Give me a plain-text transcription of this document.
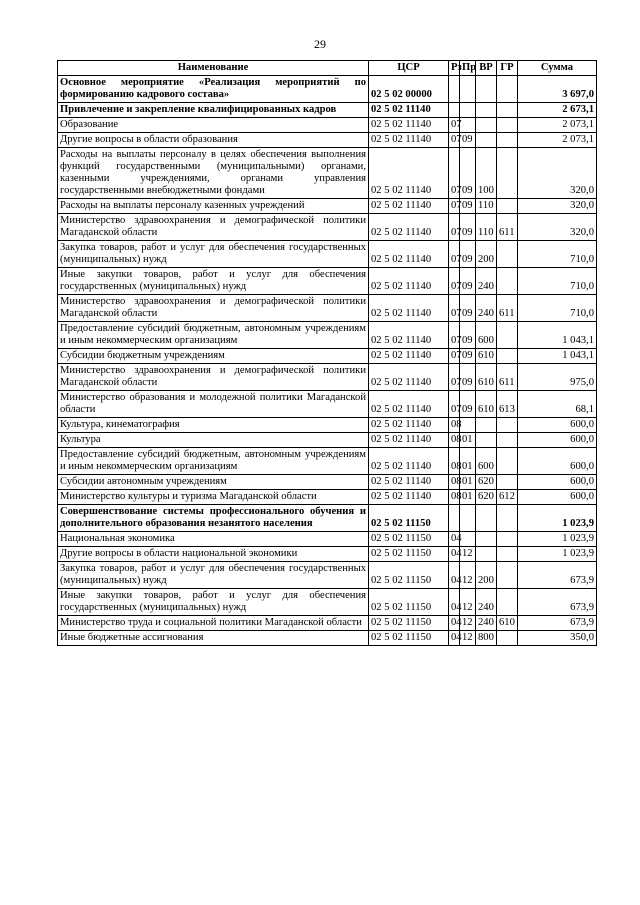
29
Наименование	ЦСР	Рз	Пр	ВР	ГР	Сумма
Основное мероприятие «Реализация мероприятий по формированию кадрового состава»	02 5 02 00000					3 697,0
Привлечение и закрепление квалифицированных кадров	02 5 02 11140					2 673,1
Образование	02 5 02 11140	07				2 073,1
Другие вопросы в области образования	02 5 02 11140	07	09			2 073,1
Расходы на выплаты персоналу в целях обеспечения выполнения функций государственными (муниципальными) органами, казенными учреждениями, органами управления государственными внебюджетными фондами	02 5 02 11140	07	09	100		320,0
Расходы на выплаты персоналу казенных учреждений	02 5 02 11140	07	09	110		320,0
Министерство здравоохранения и демографической политики Магаданской области	02 5 02 11140	07	09	110	611	320,0
Закупка товаров, работ и услуг для обеспечения государственных (муниципальных) нужд	02 5 02 11140	07	09	200		710,0
Иные закупки товаров, работ и услуг для обеспечения государственных (муниципальных) нужд	02 5 02 11140	07	09	240		710,0
Министерство здравоохранения и демографической политики Магаданской области	02 5 02 11140	07	09	240	611	710,0
Предоставление субсидий бюджетным, автономным учреждениям и иным некоммерческим организациям	02 5 02 11140	07	09	600		1 043,1
Субсидии бюджетным учреждениям	02 5 02 11140	07	09	610		1 043,1
Министерство здравоохранения и демографической политики Магаданской области	02 5 02 11140	07	09	610	611	975,0
Министерство образования и молодежной политики Магаданской области	02 5 02 11140	07	09	610	613	68,1
Культура, кинематография	02 5 02 11140	08				600,0
Культура	02 5 02 11140	08	01			600,0
Предоставление субсидий бюджетным, автономным учреждениям и иным некоммерческим организациям	02 5 02 11140	08	01	600		600,0
Субсидии автономным учреждениям	02 5 02 11140	08	01	620		600,0
Министерство культуры и туризма Магаданской области	02 5 02 11140	08	01	620	612	600,0
Совершенствование системы профессионального обучения и дополнительного образования незанятого населения	02 5 02 11150					1 023,9
Национальная экономика	02 5 02 11150	04				1 023,9
Другие вопросы в области национальной экономики	02 5 02 11150	04	12			1 023,9
Закупка товаров, работ и услуг для обеспечения государственных (муниципальных) нужд	02 5 02 11150	04	12	200		673,9
Иные закупки товаров, работ и услуг для обеспечения государственных (муниципальных) нужд	02 5 02 11150	04	12	240		673,9
Министерство труда и социальной политики Магаданской области	02 5 02 11150	04	12	240	610	673,9
Иные бюджетные ассигнования	02 5 02 11150	04	12	800		350,0
